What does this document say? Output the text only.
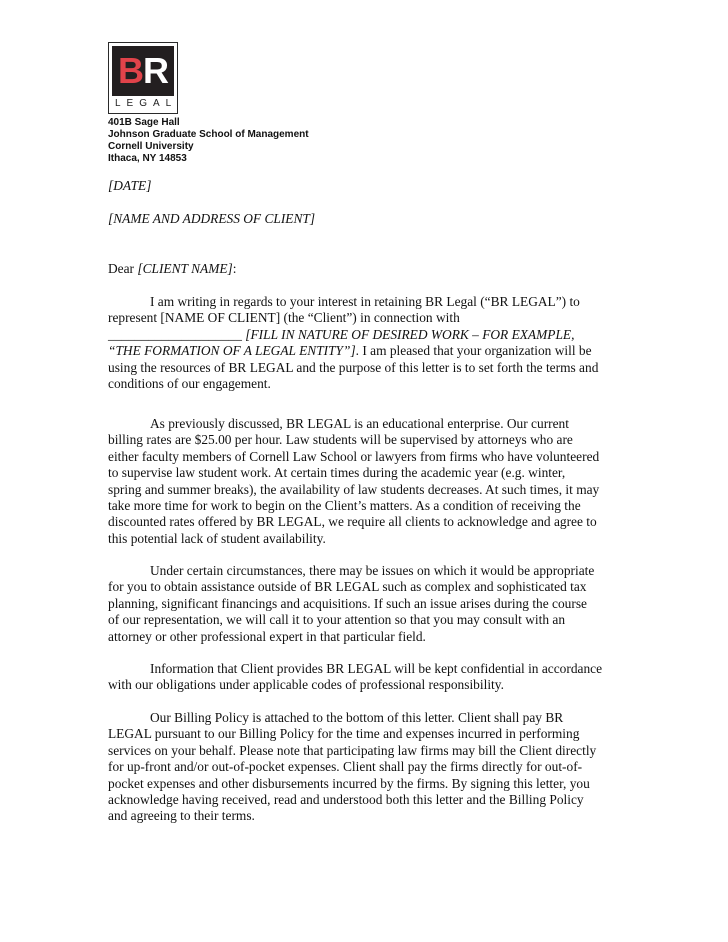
BR
LEGAL
401B Sage Hall
Johnson Graduate School of Management
Cornell University
Ithaca, NY 14853
[DATE]
[NAME AND ADDRESS OF CLIENT]
Dear [CLIENT NAME]:
I am writing in regards to your interest in retaining BR Legal (“BR LEGAL”) to
represent [NAME OF CLIENT] (the “Client”) in connection with
____________________ [FILL IN NATURE OF DESIRED WORK – FOR EXAMPLE,
“THE FORMATION OF A LEGAL ENTITY”]. I am pleased that your organization will be
using the resources of BR LEGAL and the purpose of this letter is to set forth the terms and
conditions of our engagement.
As previously discussed, BR LEGAL is an educational enterprise. Our current
billing rates are $25.00 per hour. Law students will be supervised by attorneys who are
either faculty members of Cornell Law School or lawyers from firms who have volunteered
to supervise law student work. At certain times during the academic year (e.g. winter,
spring and summer breaks), the availability of law students decreases. At such times, it may
take more time for work to begin on the Client’s matters. As a condition of receiving the
discounted rates offered by BR LEGAL, we require all clients to acknowledge and agree to
this potential lack of student availability.
Under certain circumstances, there may be issues on which it would be appropriate
for you to obtain assistance outside of BR LEGAL such as complex and sophisticated tax
planning, significant financings and acquisitions. If such an issue arises during the course
of our representation, we will call it to your attention so that you may consult with an
attorney or other professional expert in that particular field.
Information that Client provides BR LEGAL will be kept confidential in accordance
with our obligations under applicable codes of professional responsibility.
Our Billing Policy is attached to the bottom of this letter. Client shall pay BR
LEGAL pursuant to our Billing Policy for the time and expenses incurred in performing
services on your behalf. Please note that participating law firms may bill the Client directly
for up-front and/or out-of-pocket expenses. Client shall pay the firms directly for out-of-
pocket expenses and other disbursements incurred by the firms. By signing this letter, you
acknowledge having received, read and understood both this letter and the Billing Policy
and agreeing to their terms.
